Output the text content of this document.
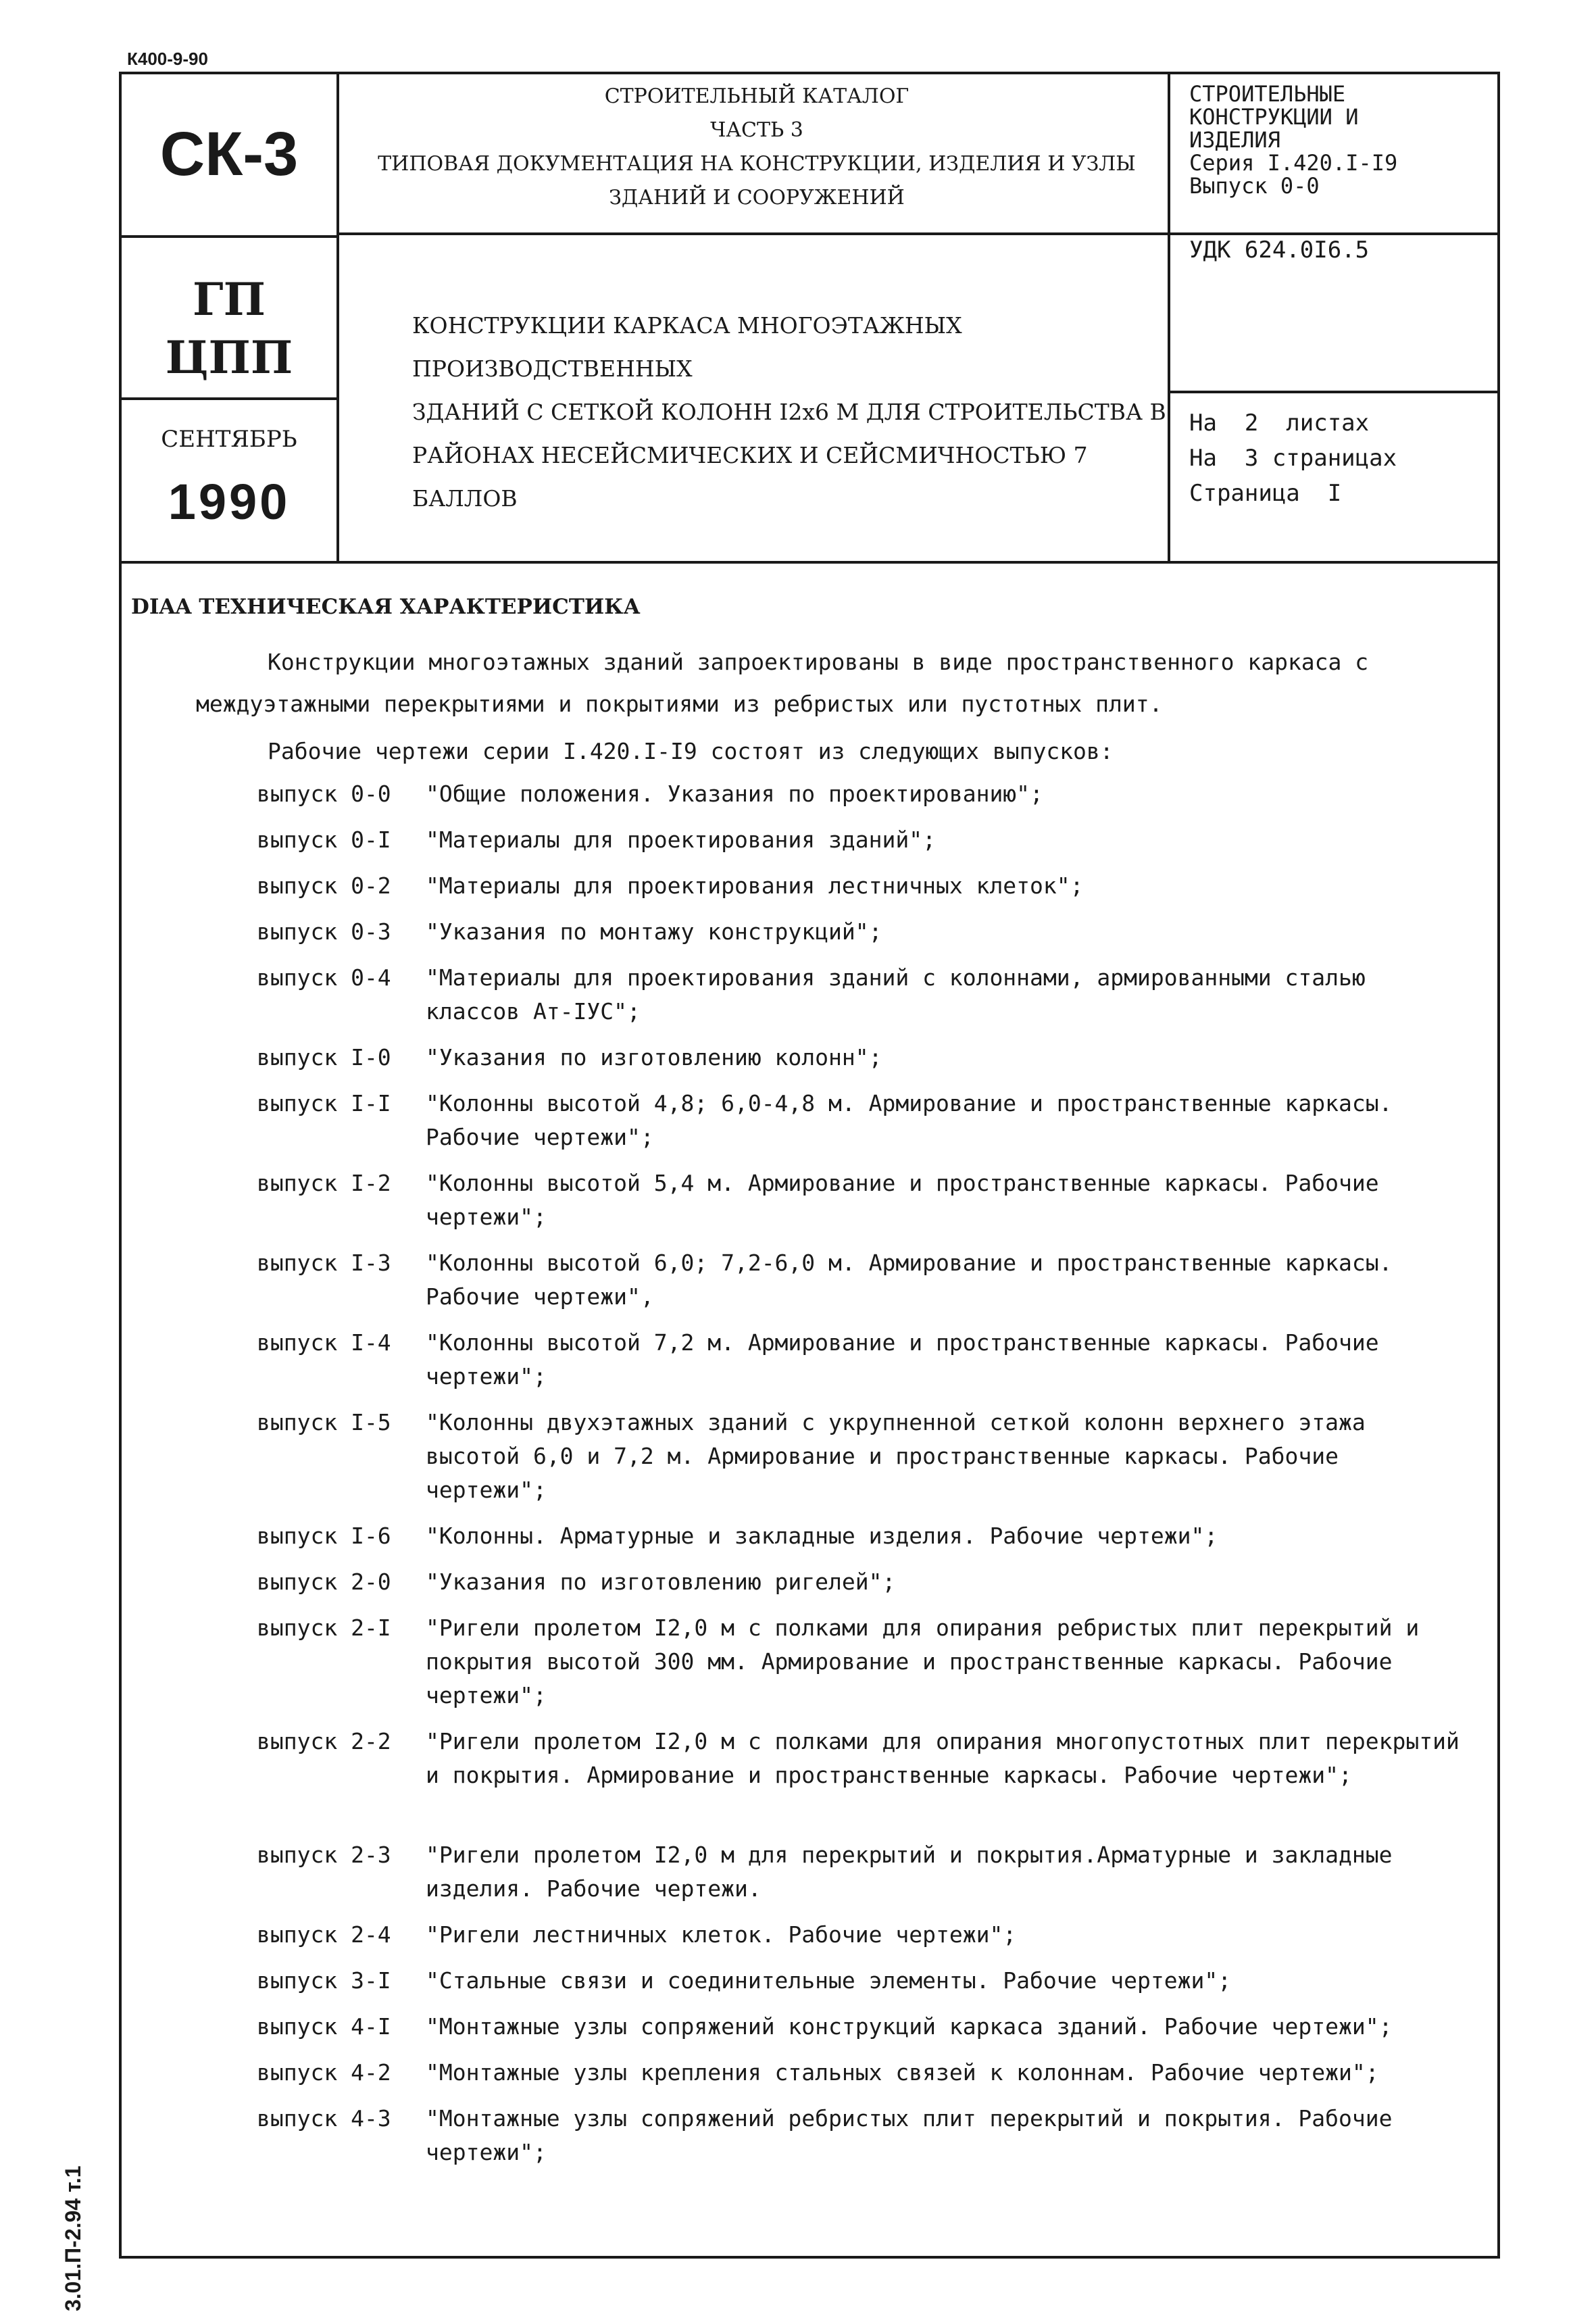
К400-9-90
СК-3
ГП
ЦПП
СЕНТЯБРЬ
1990
СТРОИТЕЛЬНЫЙ КАТАЛОГ
ЧАСТЬ 3
ТИПОВАЯ ДОКУМЕНТАЦИЯ НА КОНСТРУКЦИИ, ИЗДЕЛИЯ И УЗЛЫ
ЗДАНИЙ И СООРУЖЕНИЙ
СТРОИТЕЛЬНЫЕ
КОНСТРУКЦИИ И
ИЗДЕЛИЯ
Серия I.420.I-I9
Выпуск 0-0
УДК 624.0I6.5
КОНСТРУКЦИИ КАРКАСА МНОГОЭТАЖНЫХ ПРОИЗВОДСТВЕННЫХ
ЗДАНИЙ С СЕТКОЙ КОЛОНН I2x6 М ДЛЯ СТРОИТЕЛЬСТВА В
РАЙОНАХ НЕСЕЙСМИЧЕСКИХ И СЕЙСМИЧНОСТЬЮ 7 БАЛЛОВ
На  2  листах
На  3 страницах
Страница  I
DIAA ТЕХНИЧЕСКАЯ ХАРАКТЕРИСТИКА
Конструкции многоэтажных зданий запроектированы в виде пространственного каркаса с
междуэтажными перекрытиями и покрытиями из ребристых или пустотных плит.
Рабочие чертежи серии I.420.I-I9 состоят из следующих выпусков:
выпуск 0-0	"Общие положения. Указания по проектированию";
выпуск 0-I	"Материалы для проектирования зданий";
выпуск 0-2	"Материалы для проектирования лестничных клеток";
выпуск 0-3	"Указания по монтажу конструкций";
выпуск 0-4	"Материалы для проектирования зданий с колоннами, армированными сталью классов Ат-IУС";
выпуск I-0	"Указания по изготовлению колонн";
выпуск I-I	"Колонны высотой 4,8; 6,0-4,8 м. Армирование и пространственные каркасы. Рабочие чертежи";
выпуск I-2	"Колонны высотой 5,4 м. Армирование и пространственные каркасы. Рабочие чертежи";
выпуск I-3	"Колонны высотой 6,0; 7,2-6,0 м. Армирование и пространственные каркасы. Рабочие чертежи",
выпуск I-4	"Колонны высотой 7,2 м. Армирование и пространственные каркасы. Рабочие чертежи";
выпуск I-5	"Колонны двухэтажных зданий с укрупненной сеткой колонн верхнего этажа высотой 6,0 и 7,2 м. Армирование и пространственные каркасы. Рабочие чертежи";
выпуск I-6	"Колонны. Арматурные и закладные изделия. Рабочие чертежи";
выпуск 2-0	"Указания по изготовлению ригелей";
выпуск 2-I	"Ригели пролетом I2,0 м с полками для опирания ребристых плит перекрытий и покрытия высотой 300 мм. Армирование и пространственные каркасы. Рабочие чертежи";
выпуск 2-2	"Ригели пролетом I2,0 м с полками для опирания многопустотных плит перекрытий и покрытия. Армирование и пространственные каркасы. Рабочие чертежи";
выпуск 2-3	"Ригели пролетом I2,0 м для перекрытий и покрытия.Арматурные и закладные изделия. Рабочие чертежи.
выпуск 2-4	"Ригели лестничных клеток. Рабочие чертежи";
выпуск 3-I	"Стальные связи и соединительные элементы. Рабочие чертежи";
выпуск 4-I	"Монтажные узлы сопряжений конструкций каркаса зданий. Рабочие чертежи";
выпуск 4-2	"Монтажные узлы крепления стальных связей к колоннам. Рабочие чертежи";
выпуск 4-3	"Монтажные узлы сопряжений ребристых плит перекрытий и покрытия. Рабочие чертежи";
3.01.П-2.94 т.1
